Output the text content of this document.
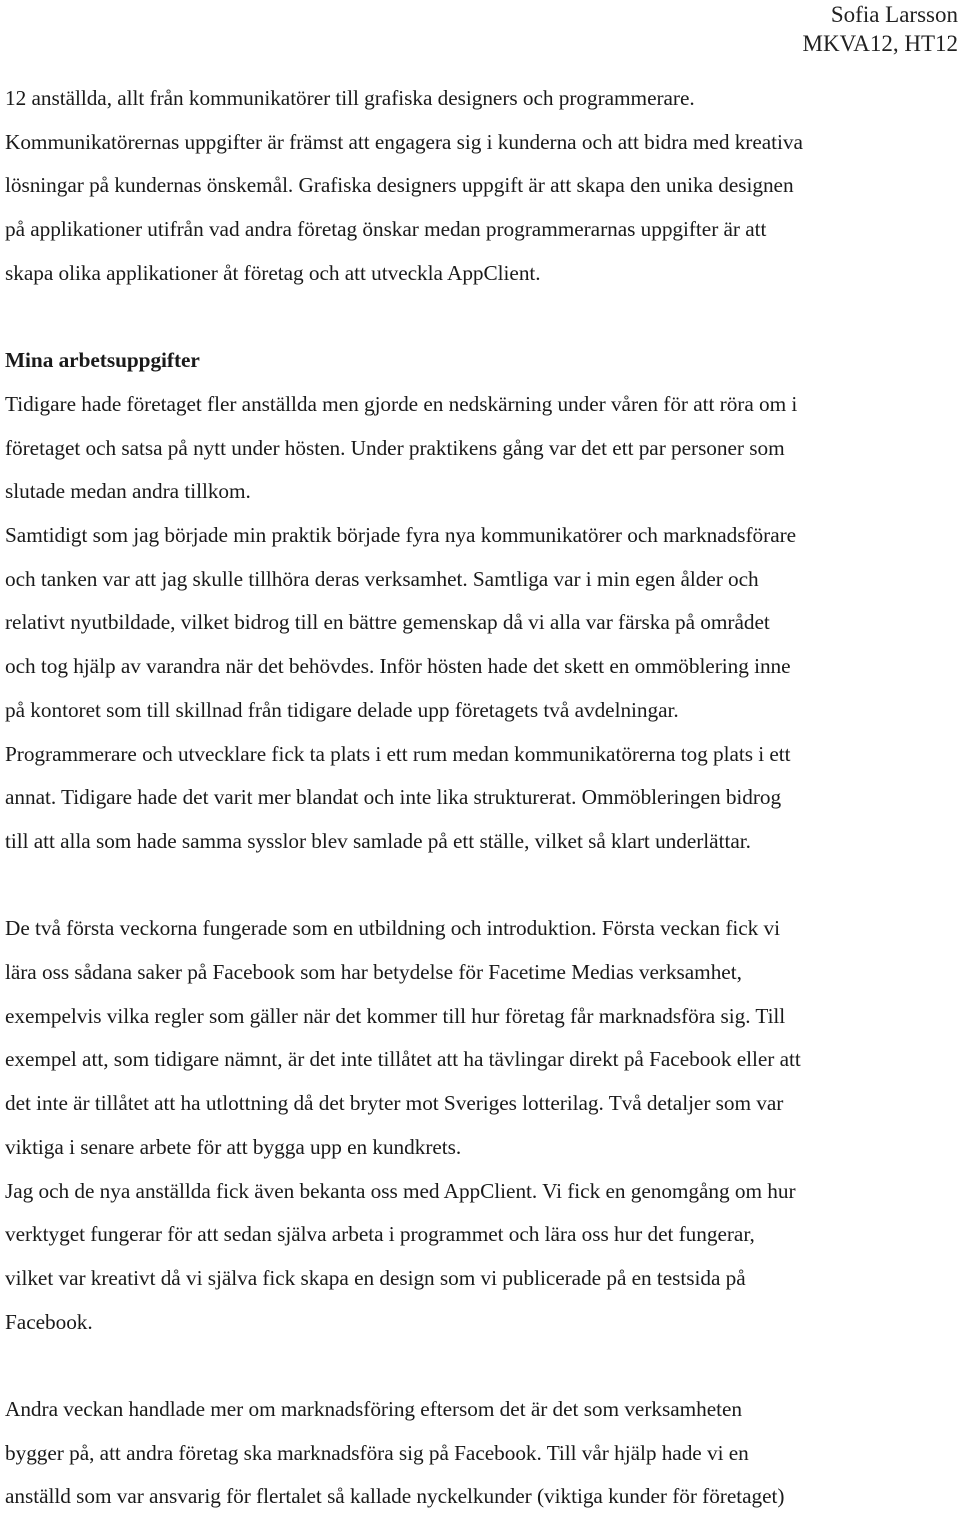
Sofia Larsson
MKVA12, HT12

12 anställda, allt från kommunikatörer till grafiska designers och programmerare.
Kommunikatörernas uppgifter är främst att engagera sig i kunderna och att bidra med kreativa
lösningar på kundernas önskemål. Grafiska designers uppgift är att skapa den unika designen
på applikationer utifrån vad andra företag önskar medan programmerarnas uppgifter är att
skapa olika applikationer åt företag och att utveckla AppClient.

Mina arbetsuppgifter

Tidigare hade företaget fler anställda men gjorde en nedskärning under våren för att röra om i
företaget och satsa på nytt under hösten. Under praktikens gång var det ett par personer som
slutade medan andra tillkom.

Samtidigt som jag började min praktik började fyra nya kommunikatörer och marknadsförare
och tanken var att jag skulle tillhöra deras verksamhet. Samtliga var i min egen ålder och
relativt nyutbildade, vilket bidrog till en bättre gemenskap då vi alla var färska på området
och tog hjälp av varandra när det behövdes. Inför hösten hade det skett en ommöblering inne
på kontoret som till skillnad från tidigare delade upp företagets två avdelningar.
Programmerare och utvecklare fick ta plats i ett rum medan kommunikatörerna tog plats i ett
annat. Tidigare hade det varit mer blandat och inte lika strukturerat. Ommöbleringen bidrog
till att alla som hade samma sysslor blev samlade på ett ställe, vilket så klart underlättar.

De två första veckorna fungerade som en utbildning och introduktion. Första veckan fick vi
lära oss sådana saker på Facebook som har betydelse för Facetime Medias verksamhet,
exempelvis vilka regler som gäller när det kommer till hur företag får marknadsföra sig. Till
exempel att, som tidigare nämnt, är det inte tillåtet att ha tävlingar direkt på Facebook eller att
det inte är tillåtet att ha utlottning då det bryter mot Sveriges lotterilag. Två detaljer som var
viktiga i senare arbete för att bygga upp en kundkrets.

Jag och de nya anställda fick även bekanta oss med AppClient. Vi fick en genomgång om hur
verktyget fungerar för att sedan själva arbeta i programmet och lära oss hur det fungerar,
vilket var kreativt då vi själva fick skapa en design som vi publicerade på en testsida på
Facebook.

Andra veckan handlade mer om marknadsföring eftersom det är det som verksamheten
bygger på, att andra företag ska marknadsföra sig på Facebook. Till vår hjälp hade vi en
anställd som var ansvarig för flertalet så kallade nyckelkunder (viktiga kunder för företaget)
